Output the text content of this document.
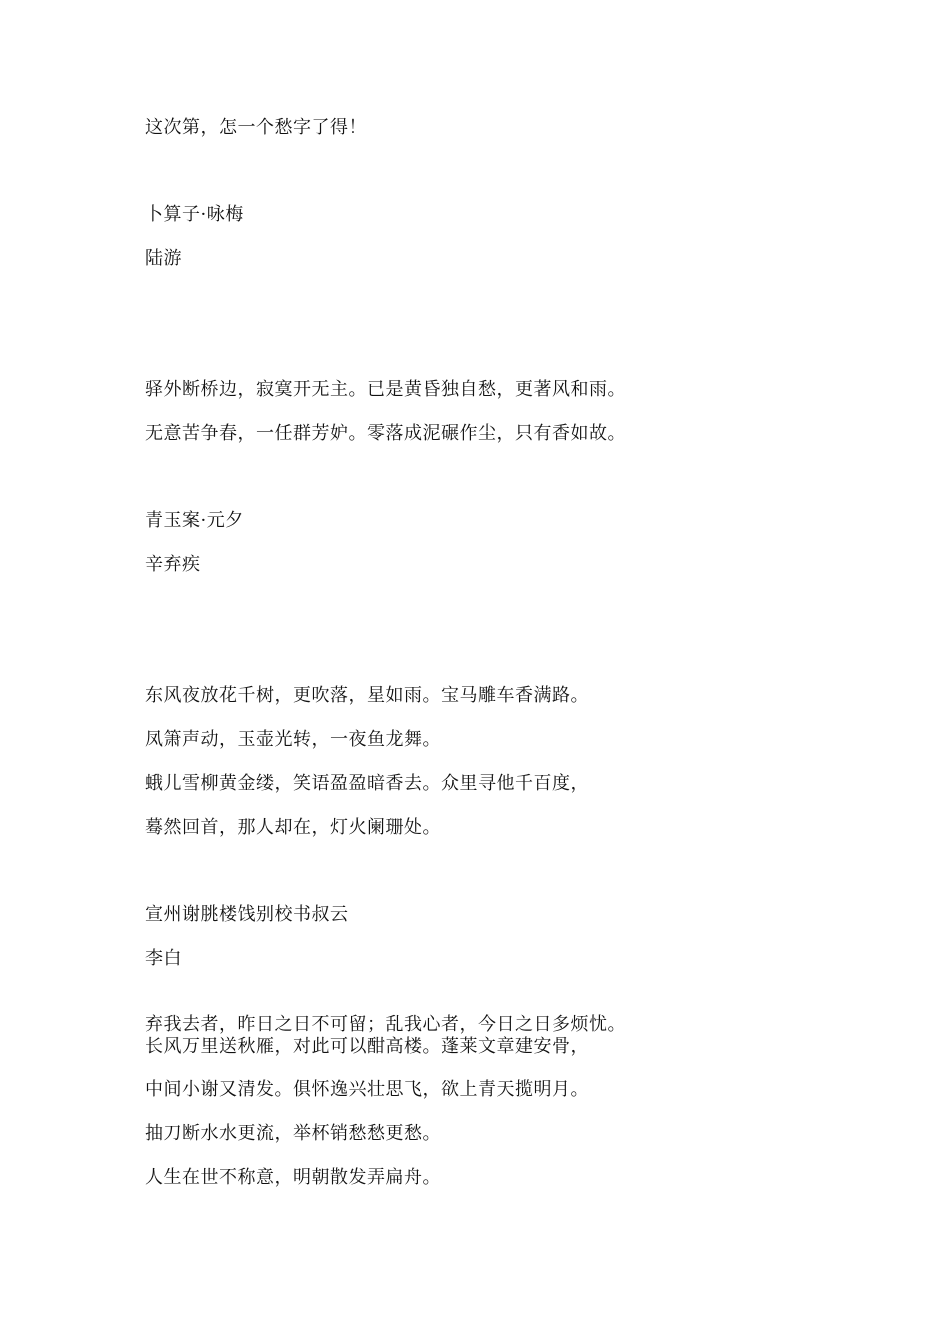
这次第，怎一个愁字了得！
卜算子·咏梅
陆游
驿外断桥边，寂寞开无主。已是黄昏独自愁，更著风和雨。
无意苦争春，一任群芳妒。零落成泥碾作尘，只有香如故。
青玉案·元夕
辛弃疾
东风夜放花千树，更吹落，星如雨。宝马雕车香满路。
凤箫声动，玉壶光转，一夜鱼龙舞。
蛾儿雪柳黄金缕，笑语盈盈暗香去。众里寻他千百度，
蓦然回首，那人却在，灯火阑珊处。
宣州谢朓楼饯别校书叔云
李白
弃我去者，昨日之日不可留；乱我心者，今日之日多烦忧。
长风万里送秋雁，对此可以酣高楼。蓬莱文章建安骨，
中间小谢又清发。俱怀逸兴壮思飞，欲上青天揽明月。
抽刀断水水更流，举杯销愁愁更愁。
人生在世不称意，明朝散发弄扁舟。
